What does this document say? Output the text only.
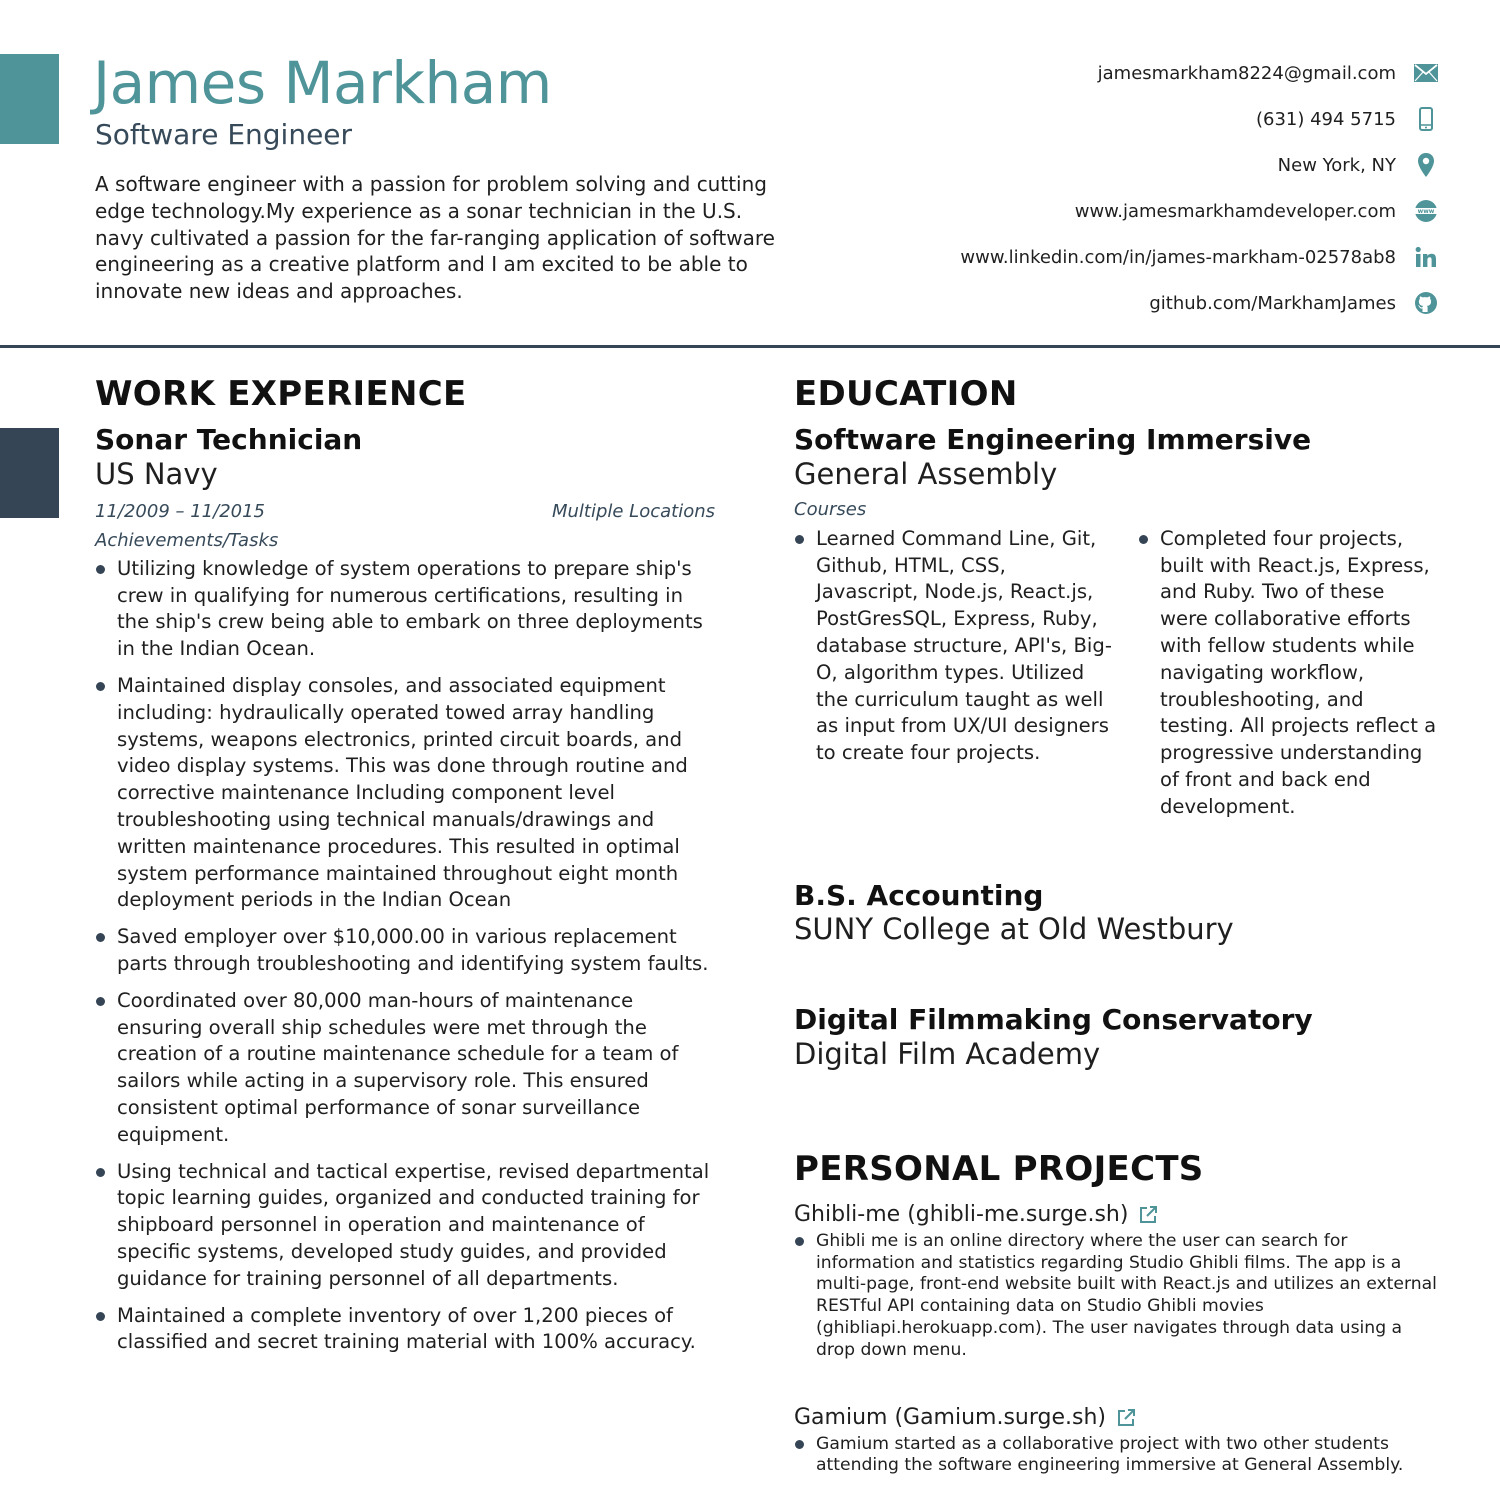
James Markham
Software Engineer
A software engineer with a passion for problem solving and cutting edge technology.My experience as a sonar technician in the U.S. navy cultivated a passion for the far-ranging application of software engineering as a creative platform and I am excited to be able to innovate new ideas and approaches.
jamesmarkham8224@gmail.com
(631) 494 5715
New York, NY
www.jamesmarkhamdeveloper.com	www
www.linkedin.com/in/james-markham-02578ab8
github.com/MarkhamJames
WORK EXPERIENCE
Sonar Technician
US Navy
11/2009 – 11/2015	Multiple Locations
Achievements/Tasks
Utilizing knowledge of system operations to prepare ship's crew in qualifying for numerous certifications, resulting in the ship's crew being able to embark on three deployments in the Indian Ocean.
Maintained display consoles, and associated equipment including: hydraulically operated towed array handling systems, weapons electronics, printed circuit boards, and video display systems. This was done through routine and corrective maintenance Including component level troubleshooting using technical manuals/drawings and written maintenance procedures. This resulted in optimal system performance maintained throughout eight month deployment periods in the Indian Ocean
Saved employer over $10,000.00 in various replacement parts through troubleshooting and identifying system faults.
Coordinated over 80,000 man-hours of maintenance ensuring overall ship schedules were met through the creation of a routine maintenance schedule for a team of sailors while acting in a supervisory role. This ensured consistent optimal performance of sonar surveillance equipment.
Using technical and tactical expertise, revised departmental topic learning guides, organized and conducted training for shipboard personnel in operation and maintenance of specific systems, developed study guides, and provided guidance for training personnel of all departments.
Maintained a complete inventory of over 1,200 pieces of classified and secret training material with 100% accuracy.
EDUCATION
Software Engineering Immersive
General Assembly
Courses
Learned Command Line, Git, Github, HTML, CSS, Javascript, Node.js, React.js, PostGresSQL, Express, Ruby, database structure, API's, Big-O, algorithm types. Utilized the curriculum taught as well as input from UX/UI designers to create four projects.
Completed four projects, built with React.js, Express, and Ruby. Two of these were collaborative efforts with fellow students while navigating workflow, troubleshooting, and testing. All projects reflect a progressive understanding of front and back end development.
B.S. Accounting
SUNY College at Old Westbury
Digital Filmmaking Conservatory
Digital Film Academy
PERSONAL PROJECTS
Ghibli-me (ghibli-me.surge.sh)
Ghibli me is an online directory where the user can search for information and statistics regarding Studio Ghibli films. The app is a multi-page, front-end website built with React.js and utilizes an external RESTful API containing data on Studio Ghibli movies (ghibliapi.herokuapp.com). The user navigates through data using a drop down menu.
Gamium (Gamium.surge.sh)
Gamium started as a collaborative project with two other students attending the software engineering immersive at General Assembly.
